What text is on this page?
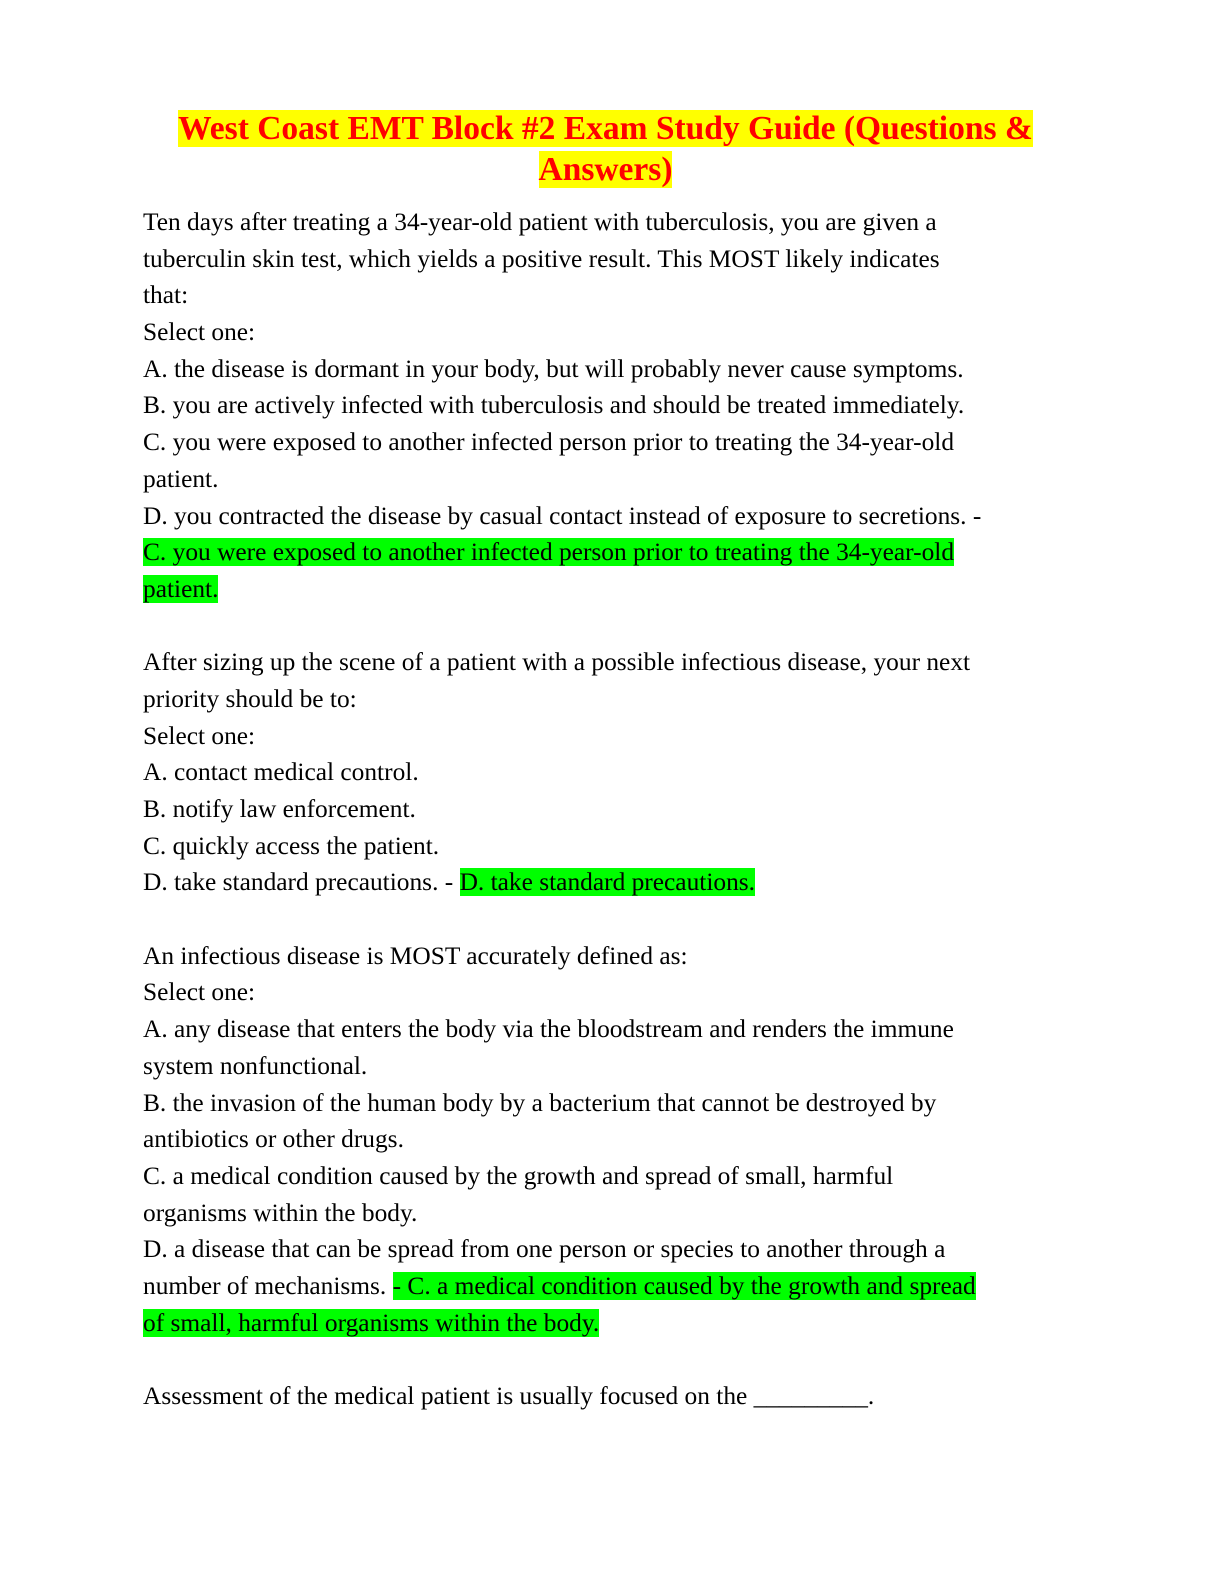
West Coast EMT Block #2 Exam Study Guide (Questions &
Answers)
Ten days after treating a 34-year-old patient with tuberculosis, you are given a
tuberculin skin test, which yields a positive result. This MOST likely indicates
that:
Select one:
A. the disease is dormant in your body, but will probably never cause symptoms.
B. you are actively infected with tuberculosis and should be treated immediately.
C. you were exposed to another infected person prior to treating the 34-year-old
patient.
D. you contracted the disease by casual contact instead of exposure to secretions. -
C. you were exposed to another infected person prior to treating the 34-year-old
patient.
After sizing up the scene of a patient with a possible infectious disease, your next
priority should be to:
Select one:
A. contact medical control.
B. notify law enforcement.
C. quickly access the patient.
D. take standard precautions. - D. take standard precautions.
An infectious disease is MOST accurately defined as:
Select one:
A. any disease that enters the body via the bloodstream and renders the immune
system nonfunctional.
B. the invasion of the human body by a bacterium that cannot be destroyed by
antibiotics or other drugs.
C. a medical condition caused by the growth and spread of small, harmful
organisms within the body.
D. a disease that can be spread from one person or species to another through a
number of mechanisms. - C. a medical condition caused by the growth and spread
of small, harmful organisms within the body.
Assessment of the medical patient is usually focused on the _________.
